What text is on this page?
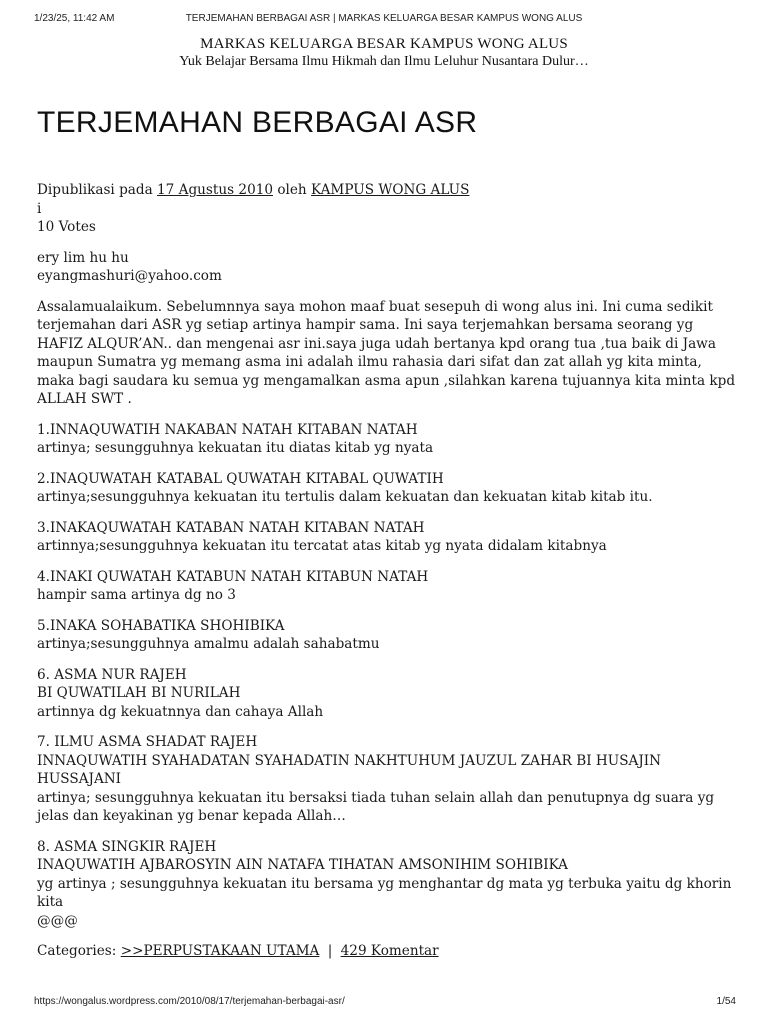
1/23/25, 11:42 AM	TERJEMAHAN BERBAGAI ASR | MARKAS KELUARGA BESAR KAMPUS WONG ALUS
MARKAS KELUARGA BESAR KAMPUS WONG ALUS
Yuk Belajar Bersama Ilmu Hikmah dan Ilmu Leluhur Nusantara Dulur…
TERJEMAHAN BERBAGAI ASR
Dipublikasi pada 17 Agustus 2010 oleh KAMPUS WONG ALUS
i
10 Votes

ery lim hu hu
eyangmashuri@yahoo.com

Assalamualaikum. Sebelumnnya saya mohon maaf buat sesepuh di wong alus ini. Ini cuma sedikit terjemahan dari ASR yg setiap artinya hampir sama. Ini saya terjemahkan bersama seorang yg HAFIZ ALQUR’AN.. dan mengenai asr ini.saya juga udah bertanya kpd orang tua ,tua baik di Jawa maupun Sumatra yg memang asma ini adalah ilmu rahasia dari sifat dan zat allah yg kita minta, maka bagi saudara ku semua yg mengamalkan asma apun ,silahkan karena tujuannya kita minta kpd ALLAH SWT .

1.INNAQUWATIH NAKABAN NATAH KITABAN NATAH
artinya; sesungguhnya kekuatan itu diatas kitab yg nyata

2.INAQUWATAH KATABAL QUWATAH KITABAL QUWATIH
artinya;sesungguhnya kekuatan itu tertulis dalam kekuatan dan kekuatan kitab kitab itu.

3.INAKAQUWATAH KATABAN NATAH KITABAN NATAH
artinnya;sesungguhnya kekuatan itu tercatat atas kitab yg nyata didalam kitabnya

4.INAKI QUWATAH KATABUN NATAH KITABUN NATAH
hampir sama artinya dg no 3

5.INAKA SOHABATIKA SHOHIBIKA
artinya;sesungguhnya amalmu adalah sahabatmu

6. ASMA NUR RAJEH
BI QUWATILAH BI NURILAH
artinnya dg kekuatnnya dan cahaya Allah

7. ILMU ASMA SHADAT RAJEH
INNAQUWATIH SYAHADATAN SYAHADATIN NAKHTUHUM JAUZUL ZAHAR BI HUSAJIN HUSSAJANI
artinya; sesungguhnya kekuatan itu bersaksi tiada tuhan selain allah dan penutupnya dg suara yg jelas dan keyakinan yg benar kepada Allah…

8. ASMA SINGKIR RAJEH
INAQUWATIH AJBAROSYIN AIN NATAFA TIHATAN AMSONIHIM SOHIBIKA
yg artinya ; sesungguhnya kekuatan itu bersama yg menghantar dg mata yg terbuka yaitu dg khorin kita
@@@

Categories: >>PERPUSTAKAAN UTAMA | 429 Komentar

https://wongalus.wordpress.com/2010/08/17/terjemahan-berbagai-asr/	1/54
